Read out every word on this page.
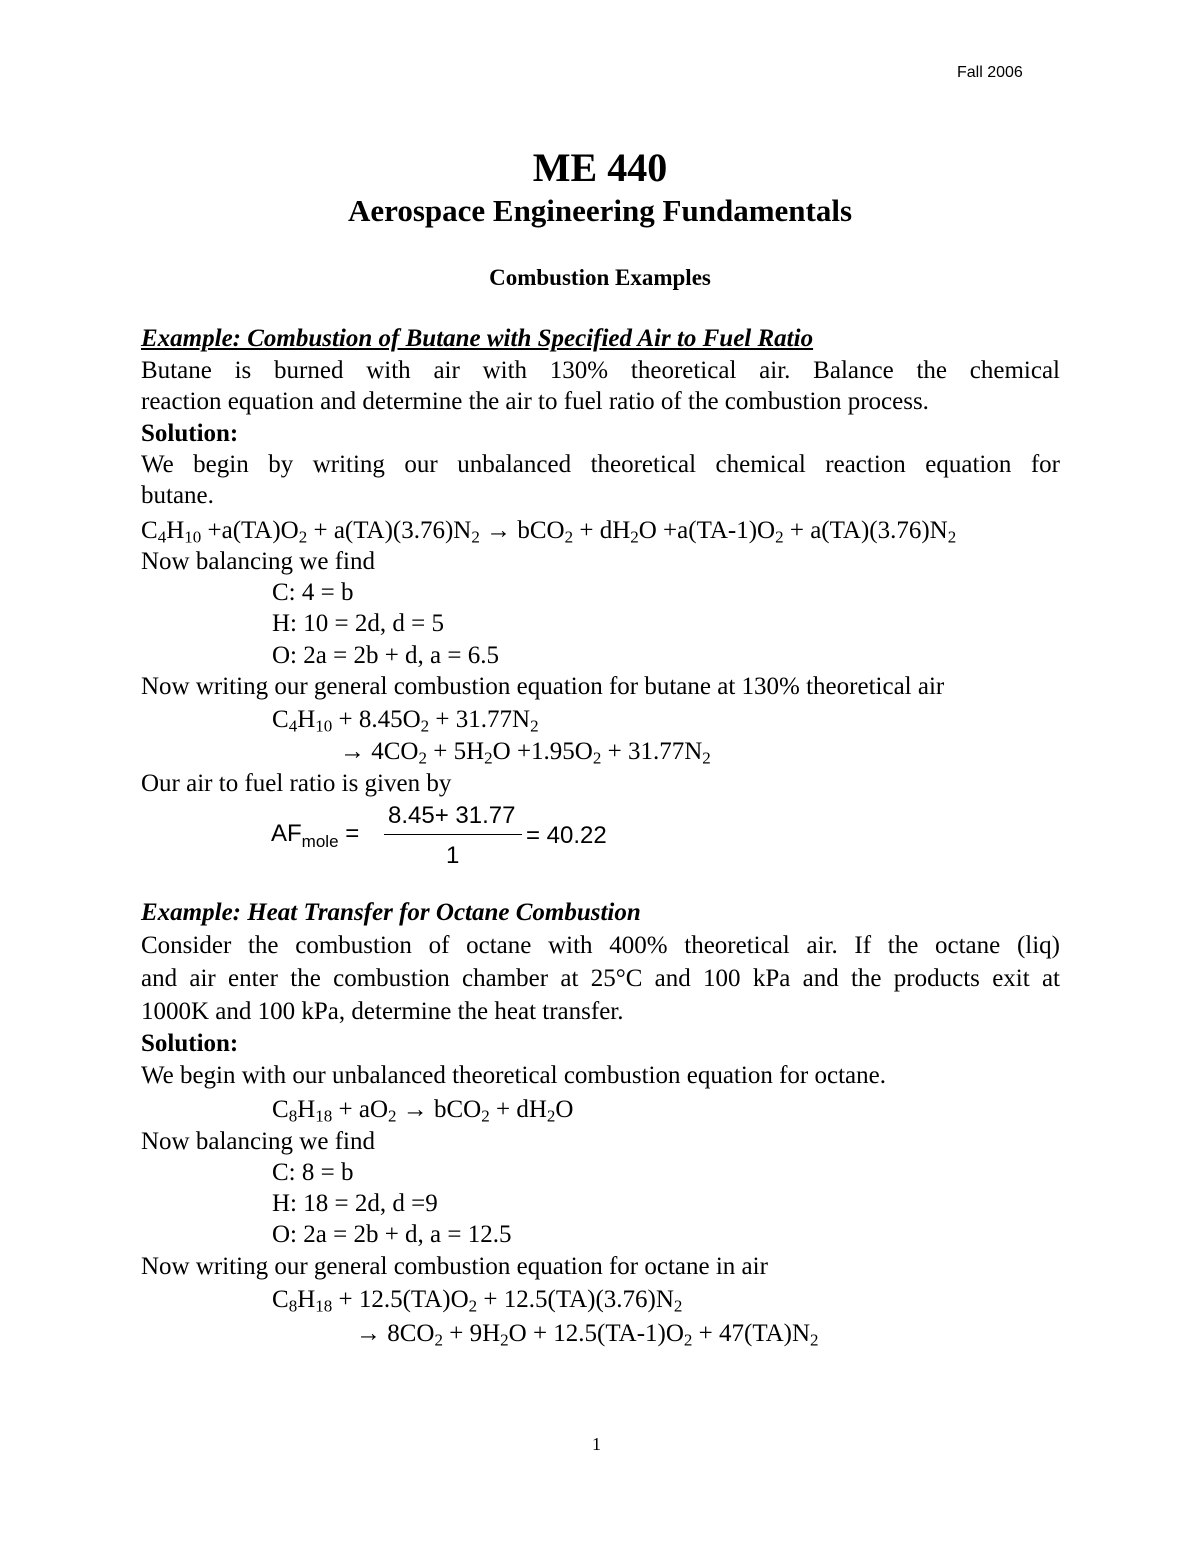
Fall 2006
ME 440
Aerospace Engineering Fundamentals
Combustion Examples
Example: Combustion of Butane with Specified Air to Fuel Ratio
Butane is burned with air with 130% theoretical air. Balance the chemical
reaction equation and determine the air to fuel ratio of the combustion process.
Solution:
We begin by writing our unbalanced theoretical chemical reaction equation for
butane.
$C_4H_{10} +a(TA)O_2 + a(TA)(3.76)N_2 \to bCO_2 + dH_2O +a(TA-1)O_2 + a(TA)(3.76)N_2$
Now balancing we find
C: 4 = b
H: 10 = 2d, d = 5
O: 2a = 2b + d, a = 6.5
Now writing our general combustion equation for butane at 130% theoretical air
$C_4H_{10} + 8.45O_2 + 31.77N_2$
→ $4CO_2 + 5H_2O +1.95O_2 + 31.77N_2$
Our air to fuel ratio is given by
$AF_{mole}$ =
8.45+ 31.77
1
= 40.22
Example: Heat Transfer for Octane Combustion
Consider the combustion of octane with 400% theoretical air. If the octane (liq)
and air enter the combustion chamber at 25°C and 100 kPa and the products exit at
1000K and 100 kPa, determine the heat transfer.
Solution:
We begin with our unbalanced theoretical combustion equation for octane.
$C_8H_{18} + aO_2 \to bCO_2 + dH_2O$
Now balancing we find
C: 8 = b
H: 18 = 2d, d =9
O: 2a = 2b + d, a = 12.5
Now writing our general combustion equation for octane in air
$C_8H_{18} + 12.5(TA)O_2 + 12.5(TA)(3.76)N_2$
→ $8CO_2 + 9H_2O + 12.5(TA-1)O_2 + 47(TA)N_2$
1
